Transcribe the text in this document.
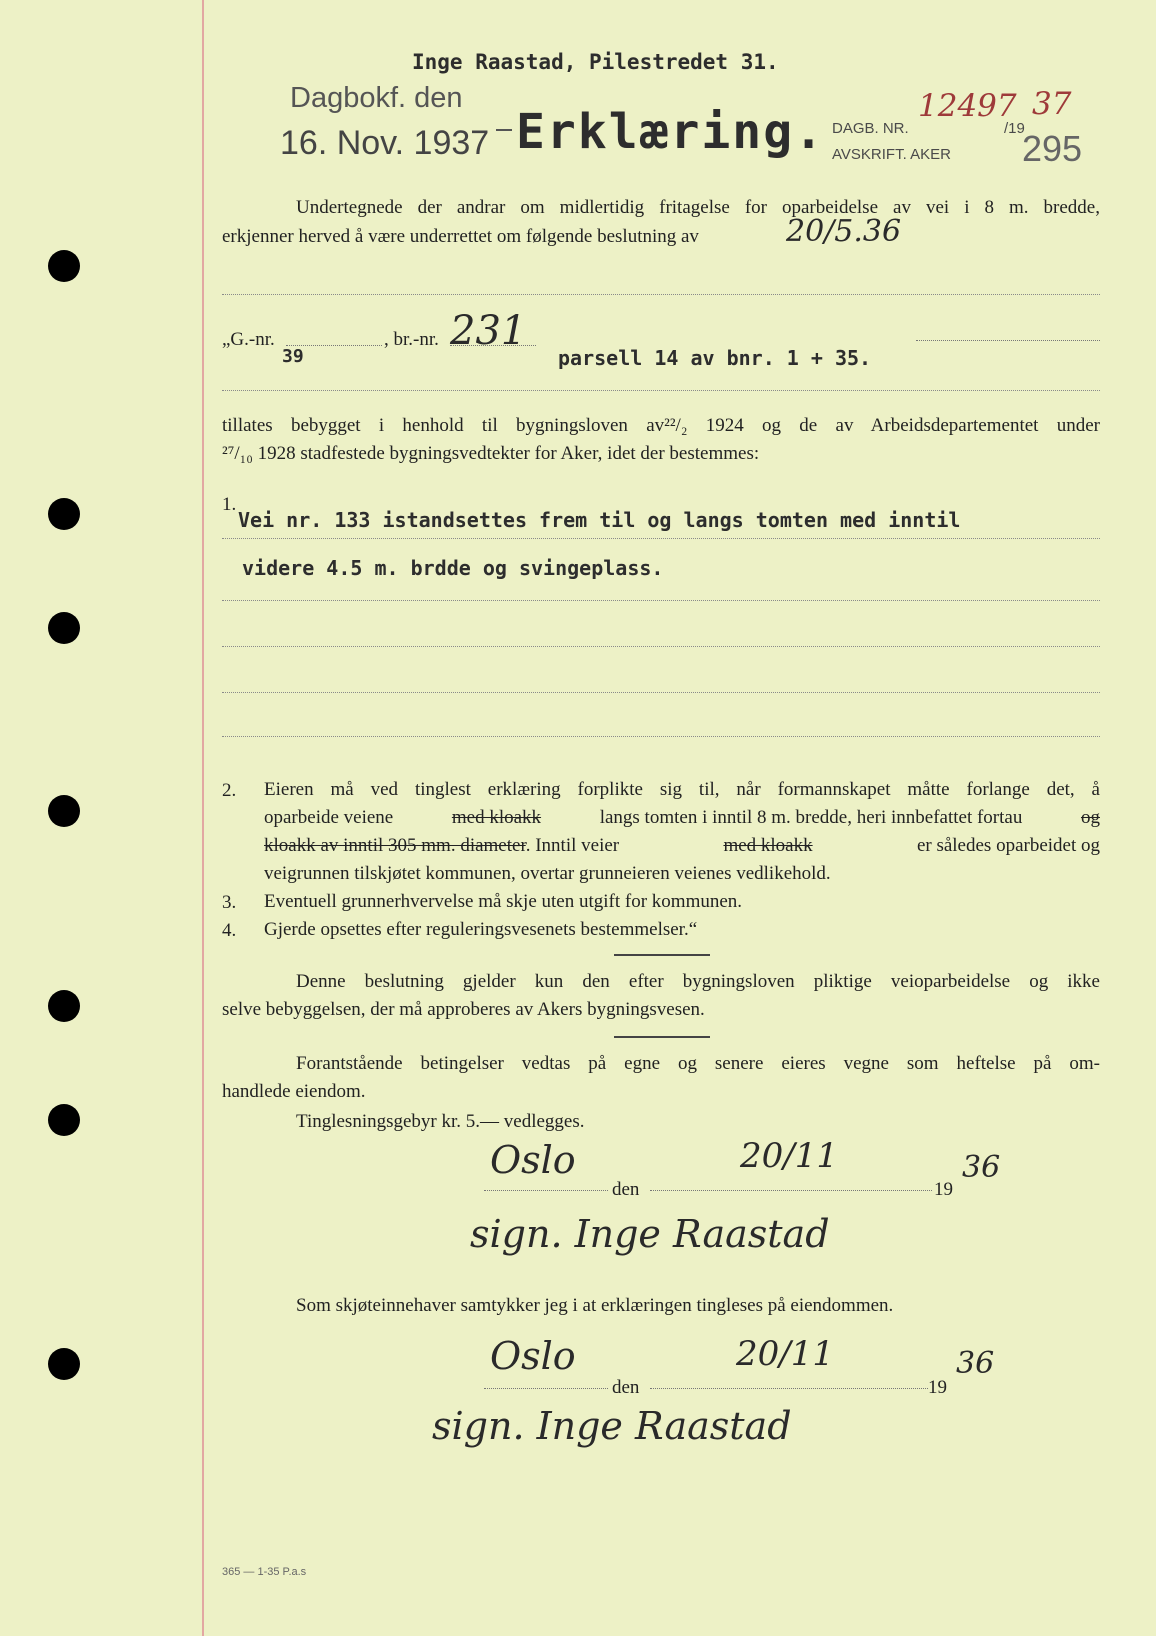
Inge Raastad, Pilestredet 31.
Dagbokf. den
16. Nov. 1937 Erklæring. DAGB. NR.
12497
/19
37
AVSKRIFT. AKER 295
Undertegnede der andrar om midlertidig fritagelse for oparbeidelse av vei i 8 m. bredde,
erkjenner herved å være underrettet om følgende beslutning av	20/5.36
„G.-nr.
39
, br.-nr. 231
parsell 14 av bnr. 1 + 35.
tillates bebygget i henhold til bygningsloven av²²/₂ 1924 og de av Arbeidsdepartementet under
²⁷/₁₀ 1928 stadfestede bygningsvedtekter for Aker, idet der bestemmes:
1.
Vei nr. 133 istandsettes frem til og langs tomten med inntil
videre 4.5 m. brdde og svingeplass.
2. Eieren må ved tinglest erklæring forplikte sig til, når formannskapet måtte forlange det, å
oparbeide veiene	med kloakk	langs tomten i inntil 8 m. bredde, heri innbefattet fortau	og
kloakk av inntil 305 mm. diameter. Inntil veier	med kloakk	er således oparbeidet og
veigrunnen tilskjøtet kommunen, overtar grunneieren veienes vedlikehold.
3. Eventuell grunnerhvervelse må skje uten utgift for kommunen.
4. Gjerde opsettes efter reguleringsvesenets bestemmelser.“
Denne beslutning gjelder kun den efter bygningsloven pliktige veioparbeidelse og ikke
selve bebyggelsen, der må approberes av Akers bygningsvesen.
Forantstående betingelser vedtas på egne og senere eieres vegne som heftelse på om-
handlede eiendom.
Tinglesningsgebyr kr. 5.— vedlegges.
Oslo
den
20/11
19
36
sign. Inge Raastad
Som skjøteinnehaver samtykker jeg i at erklæringen tingleses på eiendommen.
Oslo
den
20/11
19
36
sign. Inge Raastad
365 — 1-35 P.a.s
